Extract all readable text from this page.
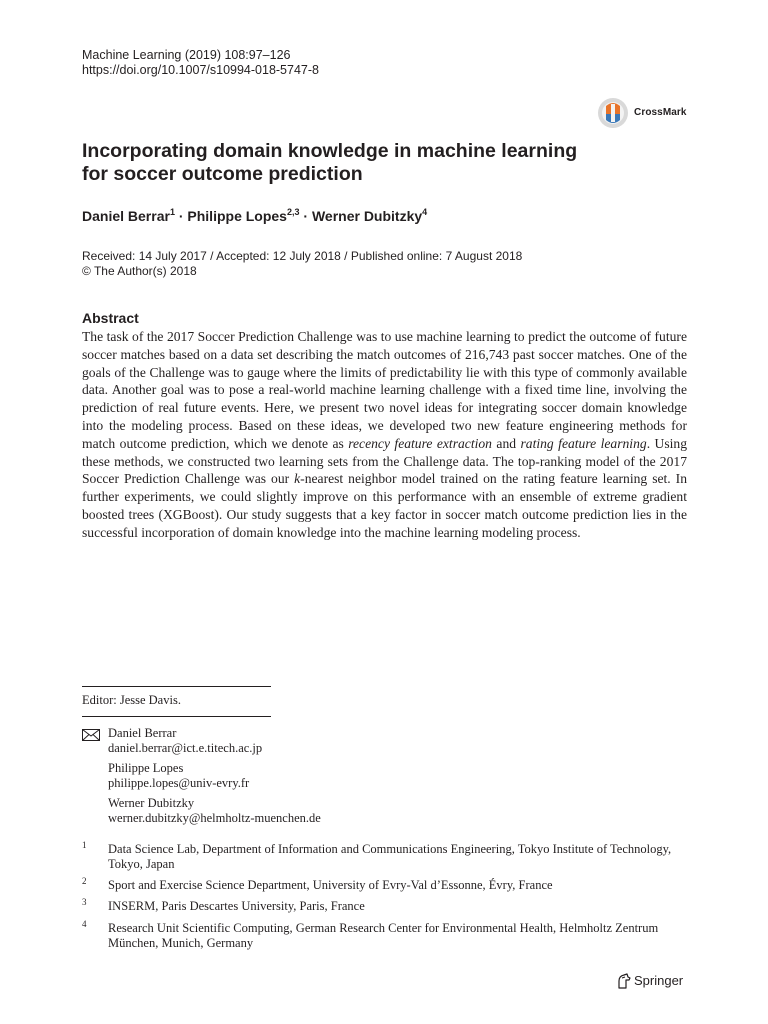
Machine Learning (2019) 108:97–126
https://doi.org/10.1007/s10994-018-5747-8
CrossMark
Incorporating domain knowledge in machine learning
for soccer outcome prediction
Daniel Berrar$^1$ · Philippe Lopes$^{2,3}$ · Werner Dubitzky$^4$
Received: 14 July 2017 / Accepted: 12 July 2018 / Published online: 7 August 2018
© The Author(s) 2018
Abstract
The task of the 2017 Soccer Prediction Challenge was to use machine learning to predict the outcome of future soccer matches based on a data set describing the match outcomes of 216,743 past soccer matches. One of the goals of the Challenge was to gauge where the limits of predictability lie with this type of commonly available data. Another goal was to pose a real-world machine learning challenge with a fixed time line, involving the prediction of real future events. Here, we present two novel ideas for integrating soccer domain knowledge into the modeling process. Based on these ideas, we developed two new feature engineering methods for match outcome prediction, which we denote as recency feature extraction and rating feature learning. Using these methods, we constructed two learning sets from the Challenge data. The top-ranking model of the 2017 Soccer Prediction Challenge was our k-nearest neighbor model trained on the rating feature learning set. In further experiments, we could slightly improve on this performance with an ensemble of extreme gradient boosted trees (XGBoost). Our study suggests that a key factor in soccer match outcome prediction lies in the successful incorporation of domain knowledge into the machine learning modeling process.
Editor: Jesse Davis.
Daniel Berrar
daniel.berrar@ict.e.titech.ac.jp
Philippe Lopes
philippe.lopes@univ-evry.fr
Werner Dubitzky
werner.dubitzky@helmholtz-muenchen.de
1 Data Science Lab, Department of Information and Communications Engineering, Tokyo Institute of Technology, Tokyo, Japan
2 Sport and Exercise Science Department, University of Evry-Val d’Essonne, Évry, France
3 INSERM, Paris Descartes University, Paris, France
4 Research Unit Scientific Computing, German Research Center for Environmental Health, Helmholtz Zentrum München, Munich, Germany
Springer
